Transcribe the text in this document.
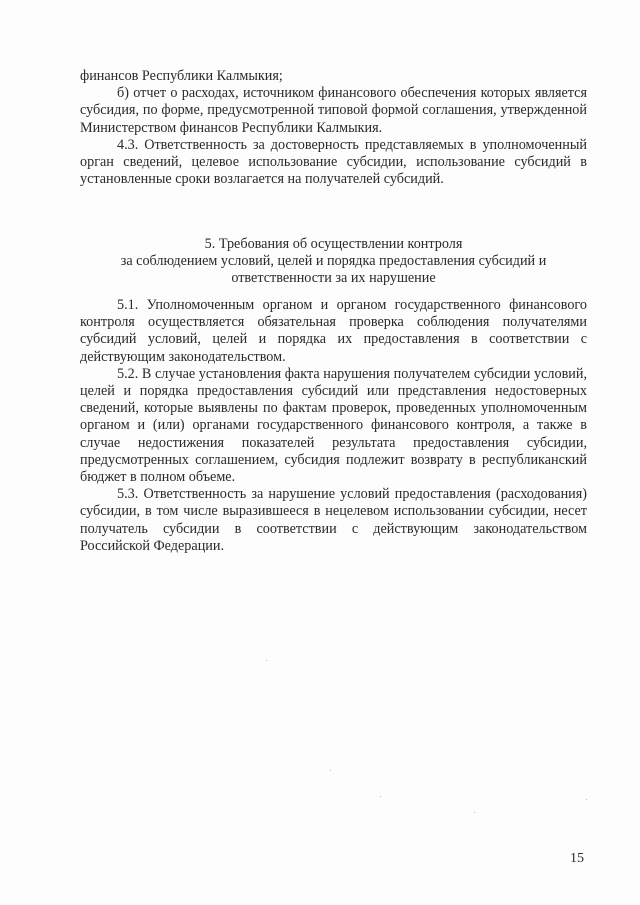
финансов Республики Калмыкия;

б) отчет о расходах, источником финансового обеспечения которых является субсидия, по форме, предусмотренной типовой формой соглашения, утвержденной Министерством финансов Республики Калмыкия.

4.3. Ответственность за достоверность представляемых в уполномоченный орган сведений, целевое использование субсидии, использование субсидий в установленные сроки возлагается на получателей субсидий.

5. Требования об осуществлении контроля
за соблюдением условий, целей и порядка предоставления субсидий и
ответственности за их нарушение

5.1. Уполномоченным органом и органом государственного финансового контроля осуществляется обязательная проверка соблюдения получателями субсидий условий, целей и порядка их предоставления в соответствии с действующим законодательством.

5.2. В случае установления факта нарушения получателем субсидии условий, целей и порядка предоставления субсидий или представления недостоверных сведений, которые выявлены по фактам проверок, проведенных уполномоченным органом и (или) органами государственного финансового контроля, а также в случае недостижения показателей результата предоставления субсидии, предусмотренных соглашением, субсидия подлежит возврату в республиканский бюджет в полном объеме.

5.3. Ответственность за нарушение условий предоставления (расходования) субсидии, в том числе выразившееся в нецелевом использовании субсидии, несет получатель субсидии в соответствии с действующим законодательством Российской Федерации.

15
